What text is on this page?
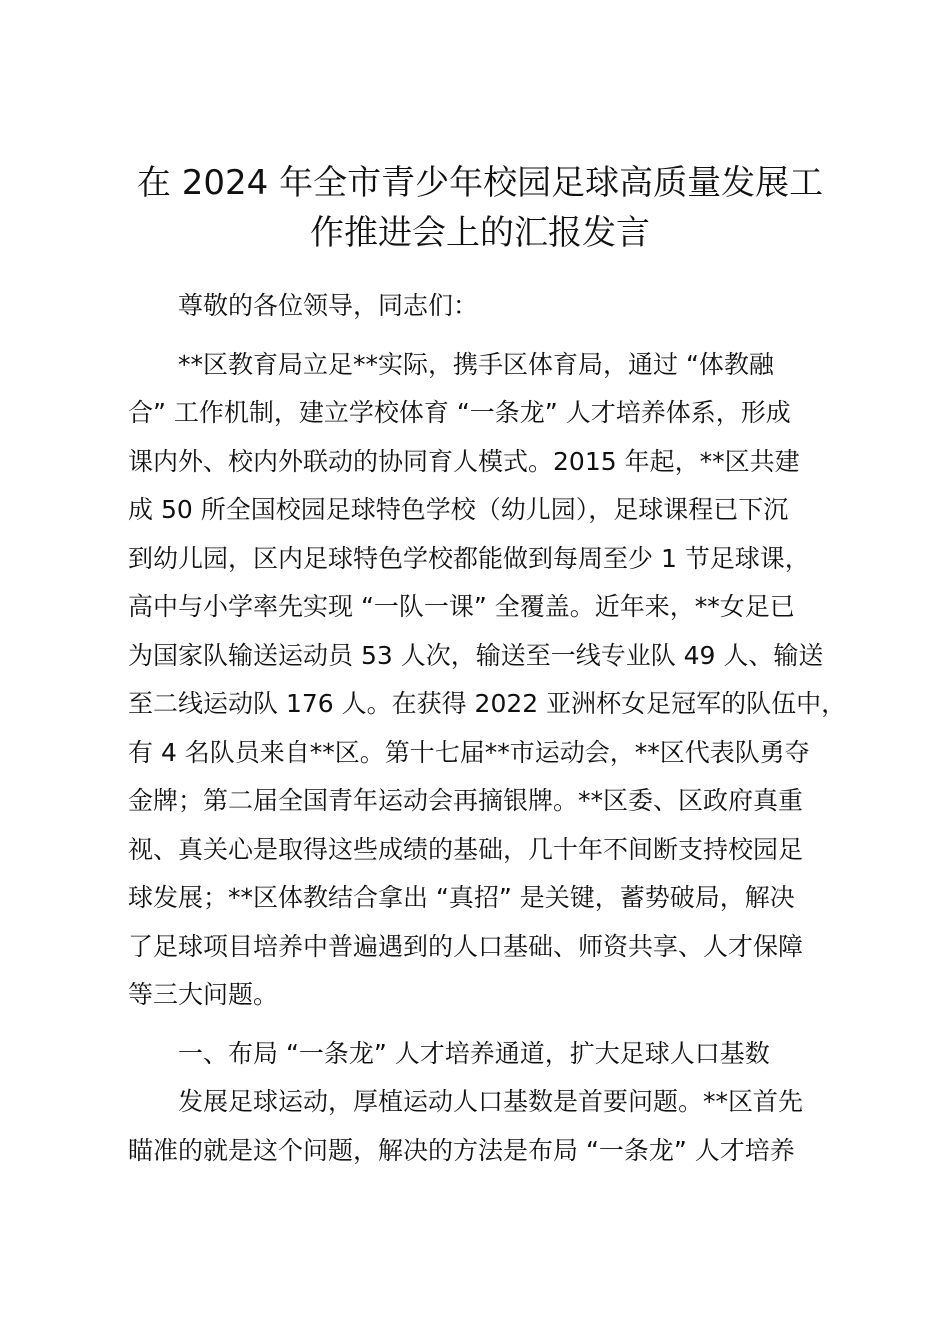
在 2024 年全市青少年校园足球高质量发展工
作推进会上的汇报发言
尊敬的各位领导，同志们：
**区教育局立足**实际，携手区体育局，通过 “体教融
合” 工作机制，建立学校体育 “一条龙” 人才培养体系，形成
课内外、校内外联动的协同育人模式。2015 年起，**区共建
成 50 所全国校园足球特色学校（幼儿园），足球课程已下沉
到幼儿园，区内足球特色学校都能做到每周至少 1 节足球课，
高中与小学率先实现 “一队一课” 全覆盖。近年来，**女足已
为国家队输送运动员 53 人次，输送至一线专业队 49 人、输送
至二线运动队 176 人。在获得 2022 亚洲杯女足冠军的队伍中，
有 4 名队员来自**区。第十七届**市运动会，**区代表队勇夺
金牌；第二届全国青年运动会再摘银牌。**区委、区政府真重
视、真关心是取得这些成绩的基础，几十年不间断支持校园足
球发展；**区体教结合拿出 “真招” 是关键，蓄势破局，解决
了足球项目培养中普遍遇到的人口基础、师资共享、人才保障
等三大问题。
一、布局 “一条龙” 人才培养通道，扩大足球人口基数
发展足球运动，厚植运动人口基数是首要问题。**区首先
瞄准的就是这个问题，解决的方法是布局 “一条龙” 人才培养
